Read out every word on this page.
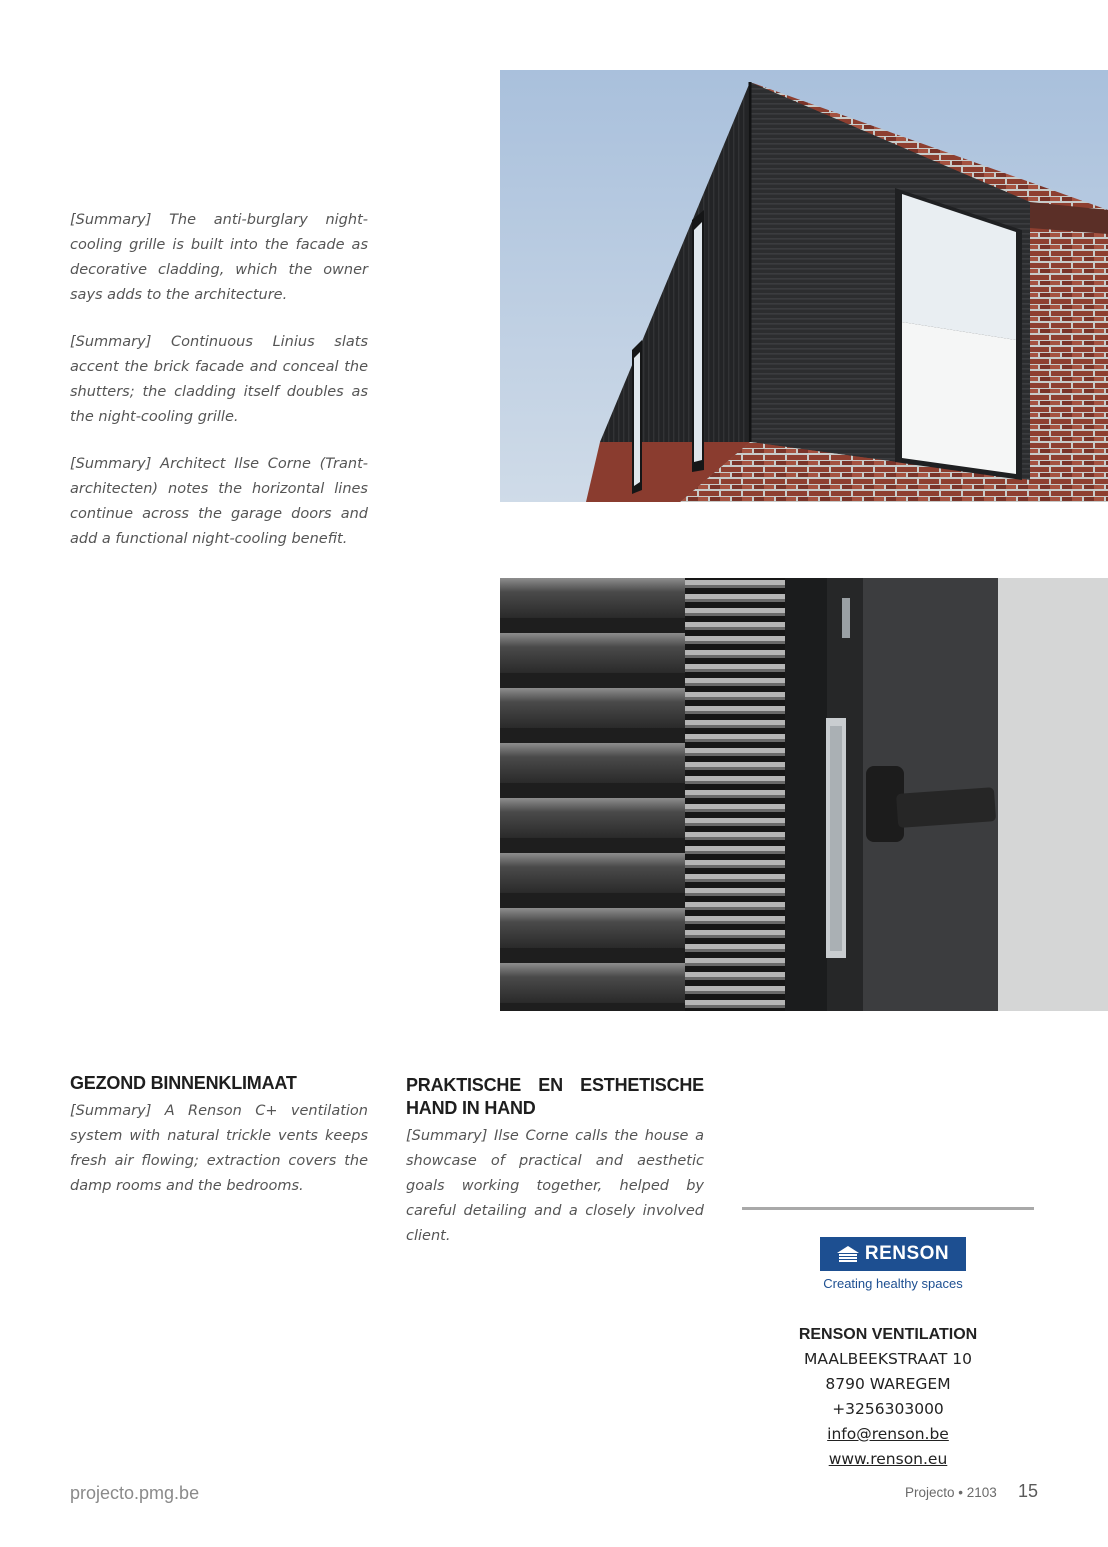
[Summary] The anti-burglary night-cooling grille is built into the facade as decorative cladding, which the owner says adds to the architecture.

[Summary] Continuous Linius slats accent the brick facade and conceal the shutters; the cladding itself doubles as the night-cooling grille.

[Summary] Architect Ilse Corne (Trant-architecten) notes the horizontal lines continue across the garage doors and add a functional night-cooling benefit.

GEZOND BINNENKLIMAAT

[Summary] A Renson C+ ventilation system with natural trickle vents keeps fresh air flowing; extraction covers the damp rooms and the bedrooms.

PRAKTISCHE EN ESTHETISCHE HAND IN HAND

[Summary] Ilse Corne calls the house a showcase of practical and aesthetic goals working together, helped by careful detailing and a closely involved client.

RENSON
Creating healthy spaces
RENSON VENTILATION
MAALBEEKSTRAAT 10
8790 WAREGEM
+3256303000
info@renson.be
www.renson.eu
projecto.pmg.be	Projecto • 2103 15
